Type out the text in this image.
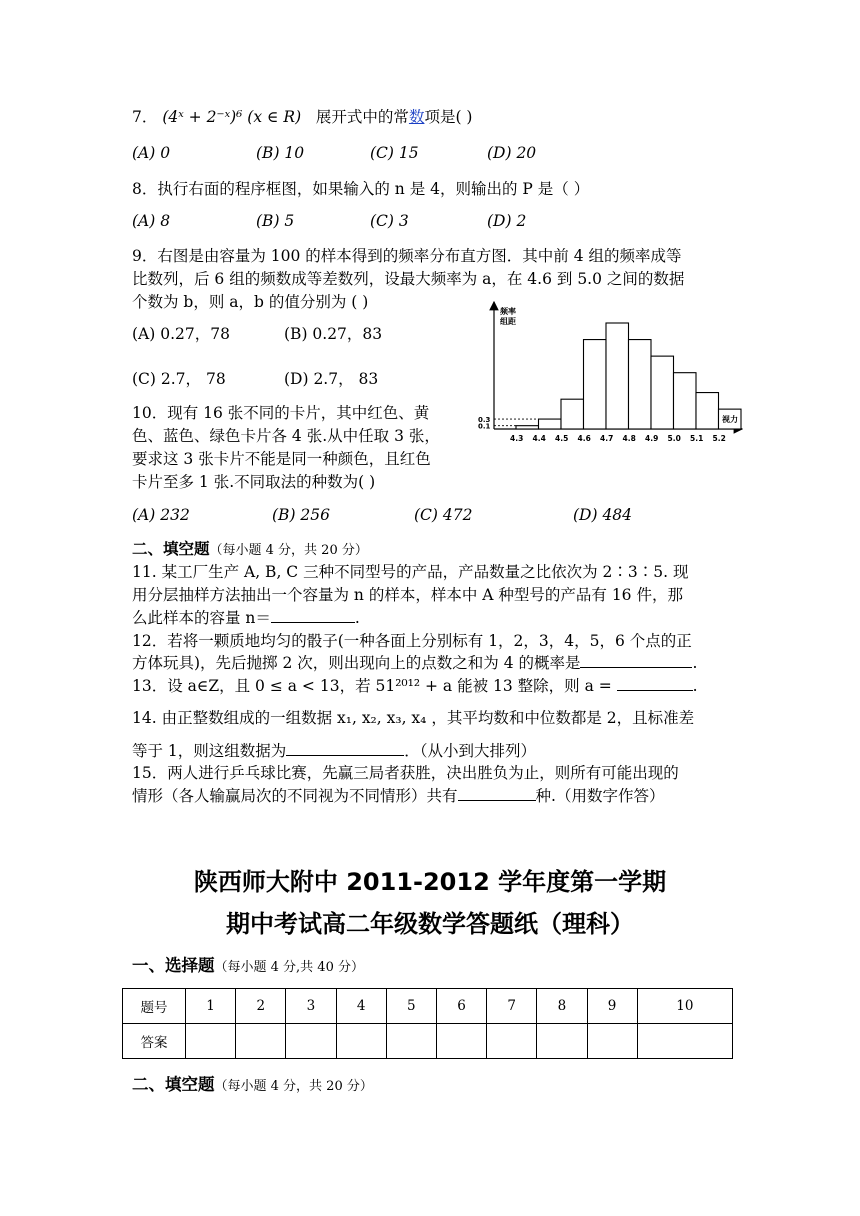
7． (4ˣ + 2⁻ˣ)⁶ (x ∈ R) 展开式中的常数项是( )
(A) 0	(B) 10	(C) 15	(D) 20
8．执行右面的程序框图，如果输入的 n 是 4，则输出的 P 是（ ）
(A) 8	(B) 5	(C) 3	(D) 2
9．右图是由容量为 100 的样本得到的频率分布直方图．其中前 4 组的频率成等
比数列，后 6 组的频数成等差数列，设最大频率为 a，在 4.6 到 5.0 之间的数据
个数为 b，则 a，b 的值分别为 ( )
(A) 0.27，78	(B) 0.27，83
(C) 2.7， 78	(D) 2.7， 83
频率
组距
0.1
0.3
4.3 4.4 4.5 4.6 4.7 4.8 4.9 5.0 5.1 5.2
视力
10．现有 16 张不同的卡片，其中红色、黄
色、蓝色、绿色卡片各 4 张.从中任取 3 张，
要求这 3 张卡片不能是同一种颜色，且红色
卡片至多 1 张.不同取法的种数为( )
(A) 232	(B) 256	(C) 472	(D) 484
二、填空题（每小题 4 分，共 20 分）
11. 某工厂生产 A, B, C 三种不同型号的产品，产品数量之比依次为 2∶3∶5. 现
用分层抽样方法抽出一个容量为 n 的样本，样本中 A 种型号的产品有 16 件，那
么此样本的容量 n＝	.
12．若将一颗质地均匀的骰子(一种各面上分别标有 1，2，3，4，5，6 个点的正
方体玩具)，先后抛掷 2 次，则出现向上的点数之和为 4 的概率是	.
13．设 a∈Z，且 0 ≤ a < 13，若 51²⁰¹² + a 能被 13 整除，则 a =	.
14. 由正整数组成的一组数据 x₁, x₂, x₃, x₄ ，其平均数和中位数都是 2，且标准差
等于 1，则这组数据为	．（从小到大排列）
15．两人进行乒乓球比赛，先赢三局者获胜，决出胜负为止，则所有可能出现的
情形（各人输赢局次的不同视为不同情形）共有	种.（用数字作答）
陕西师大附中 2011-2012 学年度第一学期
期中考试高二年级数学答题纸（理科）
一、选择题（每小题 4 分,共 40 分）
题号	1	2	3	4	5	6	7	8	9	10
答案										
二、填空题（每小题 4 分，共 20 分）
